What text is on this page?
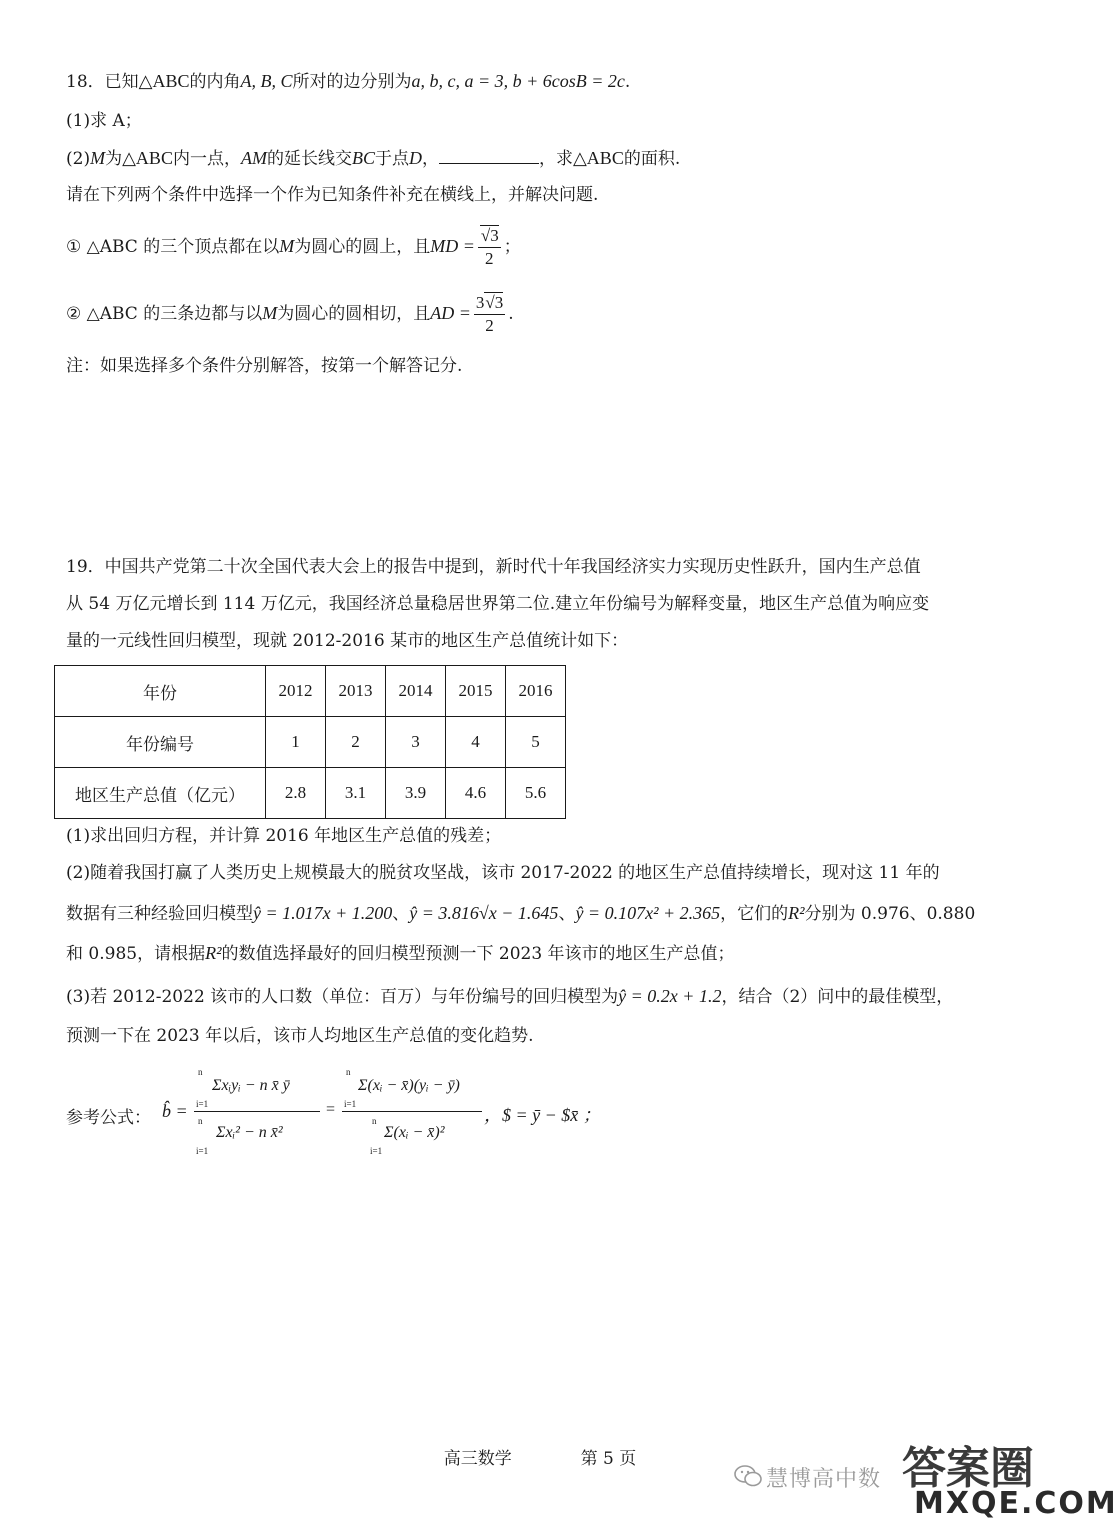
18．已知△ABC的内角A, B, C所对的边分别为a, b, c, a = 3, b + 6cosB = 2c.
(1)求 A；
(2)M为△ABC内一点，AM的延长线交BC于点D，	，求△ABC的面积.
请在下列两个条件中选择一个作为已知条件补充在横线上，并解决问题.
① △ABC 的三个顶点都在以M为圆心的圆上，且MD = $\frac{√3}{2}$ ；
② △ABC 的三条边都与以M为圆心的圆相切，且AD = $\frac{3√3}{2}$ .
注：如果选择多个条件分别解答，按第一个解答记分.
19．中国共产党第二十次全国代表大会上的报告中提到，新时代十年我国经济实力实现历史性跃升，国内生产总值
从 54 万亿元增长到 114 万亿元，我国经济总量稳居世界第二位.建立年份编号为解释变量，地区生产总值为响应变
量的一元线性回归模型，现就 2012-2016 某市的地区生产总值统计如下：
年份	2012	2013	2014	2015	2016
年份编号	1	2	3	4	5
地区生产总值（亿元）	2.8	3.1	3.9	4.6	5.6
(1)求出回归方程，并计算 2016 年地区生产总值的残差；
(2)随着我国打赢了人类历史上规模最大的脱贫攻坚战，该市 2017-2022 的地区生产总值持续增长，现对这 11 年的
数据有三种经验回归模型ŷ = 1.017x + 1.200、ŷ = 3.816√x − 1.645、ŷ = 0.107x² + 2.365，它们的R²分别为 0.976、0.880
和 0.985，请根据R²的数值选择最好的回归模型预测一下 2023 年该市的地区生产总值；
(3)若 2012-2022 该市的人口数（单位：百万）与年份编号的回归模型为ŷ = 0.2x + 1.2，结合（2）问中的最佳模型，
预测一下在 2023 年以后，该市人均地区生产总值的变化趋势.
参考公式： b̂ =
n
Σxᵢyᵢ − n x̄ ȳ
i=1
n
Σxᵢ² − n x̄²
i=1
=
n
Σ(xᵢ − x̄)(yᵢ − ȳ)
i=1
n
Σ(xᵢ − x̄)²
i=1
，$ = ȳ − $x̄ ；
高三数学	第 5 页
慧博高中数 答案圈
MXQE.COM
